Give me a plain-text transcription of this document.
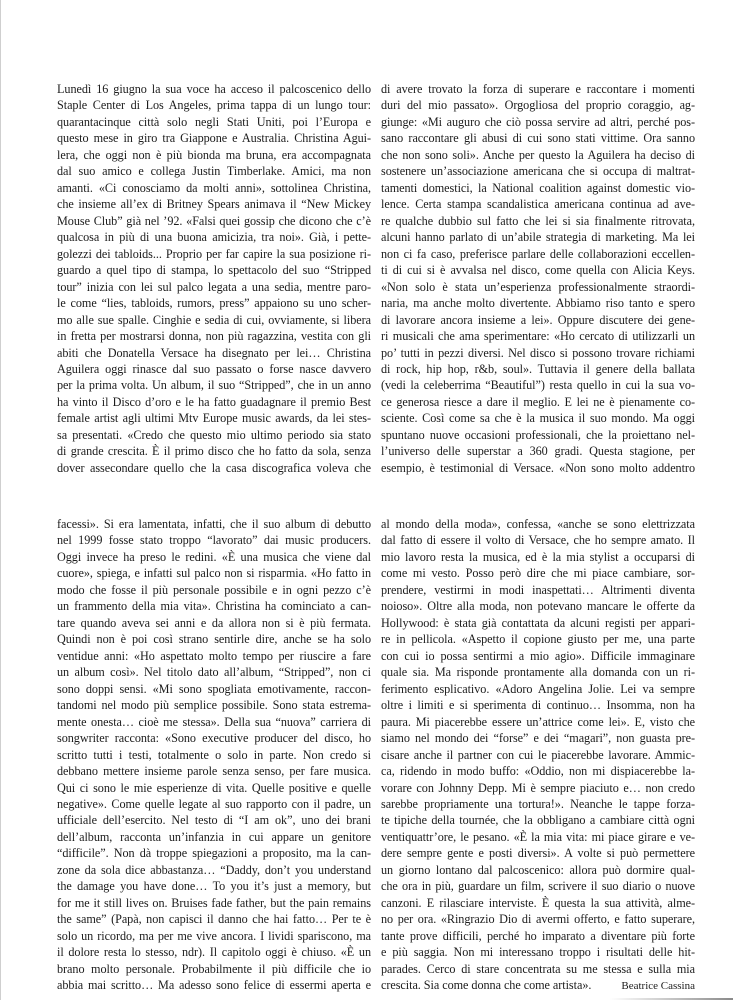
Lunedì 16 giugno la sua voce ha acceso il palcoscenico dello
Staple Center di Los Angeles, prima tappa di un lungo tour:
quarantacinque città solo negli Stati Uniti, poi l’Europa e
questo mese in giro tra Giappone e Australia. Christina Agui-
lera, che oggi non è più bionda ma bruna, era accompagnata
dal suo amico e collega Justin Timberlake. Amici, ma non
amanti. «Ci conosciamo da molti anni», sottolinea Christina,
che insieme all’ex di Britney Spears animava il “New Mickey
Mouse Club” già nel ’92. «Falsi quei gossip che dicono che c’è
qualcosa in più di una buona amicizia, tra noi». Già, i pette-
golezzi dei tabloids... Proprio per far capire la sua posizione ri-
guardo a quel tipo di stampa, lo spettacolo del suo “Stripped
tour” inizia con lei sul palco legata a una sedia, mentre paro-
le come “lies, tabloids, rumors, press” appaiono su uno scher-
mo alle sue spalle. Cinghie e sedia di cui, ovviamente, si libera
in fretta per mostrarsi donna, non più ragazzina, vestita con gli
abiti che Donatella Versace ha disegnato per lei… Christina
Aguilera oggi rinasce dal suo passato o forse nasce davvero
per la prima volta. Un album, il suo “Stripped”, che in un anno
ha vinto il Disco d’oro e le ha fatto guadagnare il premio Best
female artist agli ultimi Mtv Europe music awards, da lei stes-
sa presentati. «Credo che questo mio ultimo periodo sia stato
di grande crescita. È il primo disco che ho fatto da sola, senza
dover assecondare quello che la casa discografica voleva che
di avere trovato la forza di superare e raccontare i momenti
duri del mio passato». Orgogliosa del proprio coraggio, ag-
giunge: «Mi auguro che ciò possa servire ad altri, perché pos-
sano raccontare gli abusi di cui sono stati vittime. Ora sanno
che non sono soli». Anche per questo la Aguilera ha deciso di
sostenere un’associazione americana che si occupa di maltrat-
tamenti domestici, la National coalition against domestic vio-
lence. Certa stampa scandalistica americana continua ad ave-
re qualche dubbio sul fatto che lei si sia finalmente ritrovata,
alcuni hanno parlato di un’abile strategia di marketing. Ma lei
non ci fa caso, preferisce parlare delle collaborazioni eccellen-
ti di cui si è avvalsa nel disco, come quella con Alicia Keys.
«Non solo è stata un’esperienza professionalmente straordi-
naria, ma anche molto divertente. Abbiamo riso tanto e spero
di lavorare ancora insieme a lei». Oppure discutere dei gene-
ri musicali che ama sperimentare: «Ho cercato di utilizzarli un
po’ tutti in pezzi diversi. Nel disco si possono trovare richiami
di rock, hip hop, r&b, soul». Tuttavia il genere della ballata
(vedi la celeberrima “Beautiful”) resta quello in cui la sua vo-
ce generosa riesce a dare il meglio. E lei ne è pienamente co-
sciente. Così come sa che è la musica il suo mondo. Ma oggi
spuntano nuove occasioni professionali, che la proiettano nel-
l’universo delle superstar a 360 gradi. Questa stagione, per
esempio, è testimonial di Versace. «Non sono molto addentro
facessi». Si era lamentata, infatti, che il suo album di debutto
nel 1999 fosse stato troppo “lavorato” dai music producers.
Oggi invece ha preso le redini. «È una musica che viene dal
cuore», spiega, e infatti sul palco non si risparmia. «Ho fatto in
modo che fosse il più personale possibile e in ogni pezzo c’è
un frammento della mia vita». Christina ha cominciato a can-
tare quando aveva sei anni e da allora non si è più fermata.
Quindi non è poi così strano sentirle dire, anche se ha solo
ventidue anni: «Ho aspettato molto tempo per riuscire a fare
un album così». Nel titolo dato all’album, “Stripped”, non ci
sono doppi sensi. «Mi sono spogliata emotivamente, raccon-
tandomi nel modo più semplice possibile. Sono stata estrema-
mente onesta… cioè me stessa». Della sua “nuova” carriera di
songwriter racconta: «Sono executive producer del disco, ho
scritto tutti i testi, totalmente o solo in parte. Non credo si
debbano mettere insieme parole senza senso, per fare musica.
Qui ci sono le mie esperienze di vita. Quelle positive e quelle
negative». Come quelle legate al suo rapporto con il padre, un
ufficiale dell’esercito. Nel testo di “I am ok”, uno dei brani
dell’album, racconta un’infanzia in cui appare un genitore
“difficile”. Non dà troppe spiegazioni a proposito, ma la can-
zone da sola dice abbastanza… “Daddy, don’t you understand
the damage you have done… To you it’s just a memory, but
for me it still lives on. Bruises fade father, but the pain remains
the same” (Papà, non capisci il danno che hai fatto… Per te è
solo un ricordo, ma per me vive ancora. I lividi spariscono, ma
il dolore resta lo stesso, ndr). Il capitolo oggi è chiuso. «È un
brano molto personale. Probabilmente il più difficile che io
abbia mai scritto… Ma adesso sono felice di essermi aperta e
al mondo della moda», confessa, «anche se sono elettrizzata
dal fatto di essere il volto di Versace, che ho sempre amato. Il
mio lavoro resta la musica, ed è la mia stylist a occuparsi di
come mi vesto. Posso però dire che mi piace cambiare, sor-
prendere, vestirmi in modi inaspettati… Altrimenti diventa
noioso». Oltre alla moda, non potevano mancare le offerte da
Hollywood: è stata già contattata da alcuni registi per appari-
re in pellicola. «Aspetto il copione giusto per me, una parte
con cui io possa sentirmi a mio agio». Difficile immaginare
quale sia. Ma risponde prontamente alla domanda con un ri-
ferimento esplicativo. «Adoro Angelina Jolie. Lei va sempre
oltre i limiti e si sperimenta di continuo… Insomma, non ha
paura. Mi piacerebbe essere un’attrice come lei». E, visto che
siamo nel mondo dei “forse” e dei “magari”, non guasta pre-
cisare anche il partner con cui le piacerebbe lavorare. Ammic-
ca, ridendo in modo buffo: «Oddio, non mi dispiacerebbe la-
vorare con Johnny Depp. Mi è sempre piaciuto e… non credo
sarebbe propriamente una tortura!». Neanche le tappe forza-
te tipiche della tournée, che la obbligano a cambiare città ogni
ventiquattr’ore, le pesano. «È la mia vita: mi piace girare e ve-
dere sempre gente e posti diversi». A volte si può permettere
un giorno lontano dal palcoscenico: allora può dormire qual-
che ora in più, guardare un film, scrivere il suo diario o nuove
canzoni. E rilasciare interviste. È questa la sua attività, alme-
no per ora. «Ringrazio Dio di avermi offerto, e fatto superare,
tante prove difficili, perché ho imparato a diventare più forte
e più saggia. Non mi interessano troppo i risultati delle hit-
parades. Cerco di stare concentrata su me stessa e sulla mia
crescita. Sia come donna che come artista».	Beatrice Cassina
